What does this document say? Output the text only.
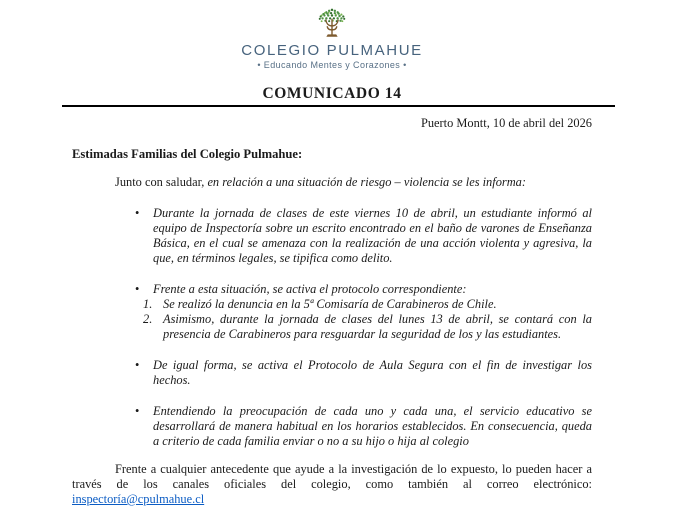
COLEGIO PULMAHUE
• Educando Mentes y Corazones •
COMUNICADO 14
Puerto Montt, 10 de abril del 2026
Estimadas Familias del Colegio Pulmahue:

Junto con saludar, en relación a una situación de riesgo – violencia se les informa:

• Durante la jornada de clases de este viernes 10 de abril, un estudiante informó al equipo de Inspectoría sobre un escrito encontrado en el baño de varones de Enseñanza Básica, en el cual se amenaza con la realización de una acción violenta y agresiva, la que, en términos legales, se tipifica como delito.
• Frente a esta situación, se activa el protocolo correspondiente:
Se realizó la denuncia en la 5ª Comisaría de Carabineros de Chile.
Asimismo, durante la jornada de clases del lunes 13 de abril, se contará con la presencia de Carabineros para resguardar la seguridad de los y las estudiantes.
• De igual forma, se activa el Protocolo de Aula Segura con el fin de investigar los hechos.
• Entendiendo la preocupación de cada uno y cada una, el servicio educativo se desarrollará de manera habitual en los horarios establecidos. En consecuencia, queda a criterio de cada familia enviar o no a su hijo o hija al colegio

Frente a cualquier antecedente que ayude a la investigación de lo expuesto, lo pueden hacer a través de los canales oficiales del colegio, como también al correo electrónico: inspectoría@cpulmahue.cl
